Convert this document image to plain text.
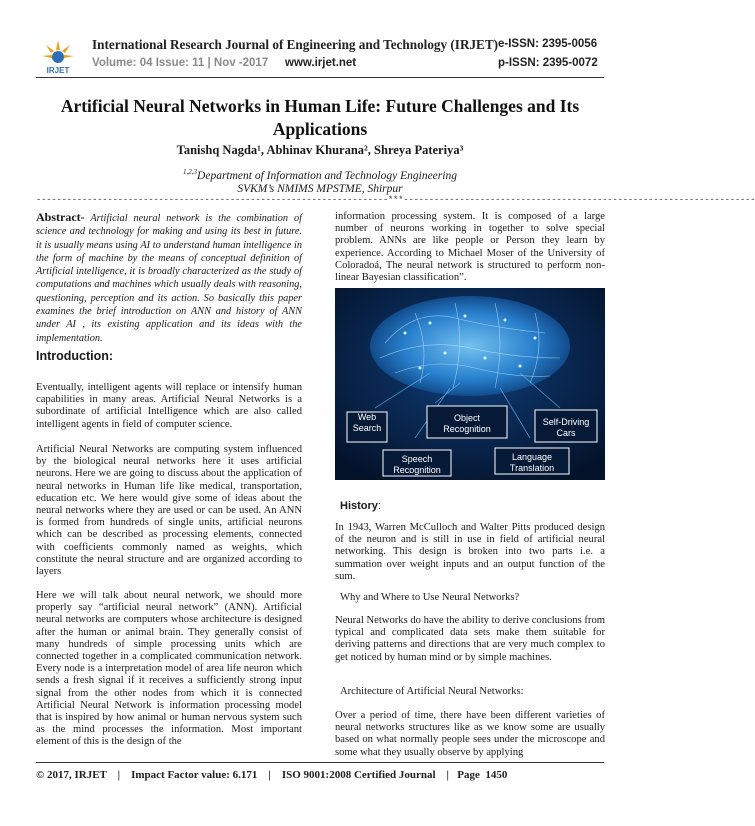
IRJET
International Research Journal of Engineering and Technology (IRJET)
Volume: 04 Issue: 11 | Nov -2017 www.irjet.net
e-ISSN: 2395-0056
p-ISSN: 2395-0072
Artificial Neural Networks in Human Life: Future Challenges and Its Applications
Tanishq Nagda¹, Abhinav Khurana², Shreya Pateriya³
$^{1,2,3}$Department of Information and Technology Engineering
SVKM’s NMIMS MPSTME, Shirpur
---------------------------------------------------------------------***---------------------------------------------------------------------
Abstract- Artificial neural network is the combination of science and technology for making and using its best in future. it is usually means using AI to understand human intelligence in the form of machine by the means of conceptual definition of Artificial intelligence, it is broadly characterized as the study of computations and machines which usually deals with reasoning, questioning, perception and its action. So basically this paper examines the brief introduction on ANN and history of ANN under AI , its existing application and its ideas with the implementation.
Introduction:

Eventually, intelligent agents will replace or intensify human capabilities in many areas. Artificial Neural Networks is a subordinate of artificial Intelligence which are also called intelligent agents in field of computer science.

Artificial Neural Networks are computing system influenced by the biological neural networks here it uses artificial neurons. Here we are going to discuss about the application of neural networks in Human life like medical, transportation, education etc. We here would give some of ideas about the neural networks where they are used or can be used. An ANN is formed from hundreds of single units, artificial neurons which can be described as processing elements, connected with coefficients commonly named as weights, which constitute the neural structure and are organized according to layers

Here we will talk about neural network, we should more properly say “artificial neural network” (ANN). Artificial neural networks are computers whose architecture is designed after the human or animal brain. They generally consist of many hundreds of simple processing units which are connected together in a complicated communication network. Every node is a interpretation model of area life neuron which sends a fresh signal if it receives a sufficiently strong input signal from the other nodes from which it is connected Artificial Neural Network is information processing model that is inspired by how animal or human nervous system such as the mind processes the information. Most important element of this is the design of the

information processing system. It is composed of a large number of neurons working in together to solve special problem. ANNs are like people or Person they learn by experience. According to Michael Moser of the University of Coloradoá, The neural network is structured to perform non-linear Bayesian classification”.

Web Search
Object Recognition
Self-Driving Cars
Speech Recognition
Language Translation
History:

In 1943, Warren McCulloch and Walter Pitts produced design of the neuron and is still in use in field of artificial neural networking. This design is broken into two parts i.e. a summation over weight inputs and an output function of the sum.

Why and Where to Use Neural Networks?

Neural Networks do have the ability to derive conclusions from typical and complicated data sets make them suitable for deriving patterns and directions that are very much complex to get noticed by human mind or by simple machines.

Architecture of Artificial Neural Networks:

Over a period of time, there have been different varieties of neural networks structures like as we know some are usually based on what normally people sees under the microscope and some what they usually observe by applying

© 2017, IRJET | Impact Factor value: 6.171 | ISO 9001:2008 Certified Journal | Page 1450
